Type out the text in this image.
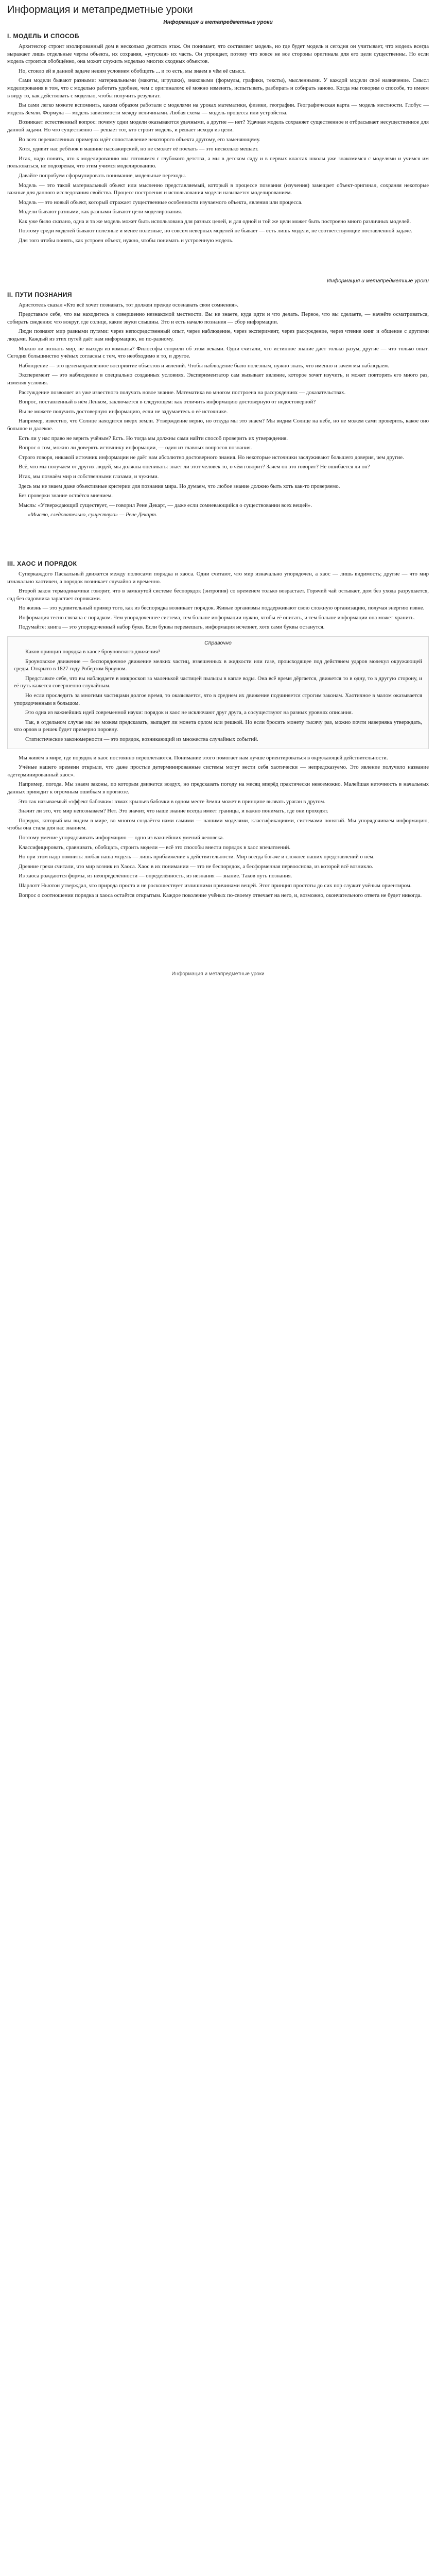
Информация и метапредметные уроки
Информация и метапредметные уроки
I. МОДЕЛЬ И СПОСОБ

Архитектор строит изолированный дом в несколько десятков этаж. Он понимает, что составляет модель, но где будет модель и сегодня он учитывает, что модель всегда выражает лишь отдельные черты объекта, их сохраняя, «упуская» их часть. Он упрощает, потому что вовсе не все стороны оригинала для его цели существенны. Но если модель строится обобщённо, она может служить моделью многих сходных объектов.

Но, стоило ей в данной задаче неким условием обобщить ... и то есть, мы знаем в чём её смысл.

Сами модели бывают разными: материальными (макеты, игрушки), знаковыми (формулы, графики, тексты), мысленными. У каждой модели своё назначение. Смысл моделирования в том, что с моделью работать удобнее, чем с оригиналом: её можно изменять, испытывать, разбирать и собирать заново. Когда мы говорим о способе, то имеем в виду то, как действовать с моделью, чтобы получить результат.

Вы сами легко можете вспомнить, каким образом работали с моделями на уроках математики, физики, географии. Географическая карта — модель местности. Глобус — модель Земли. Формула — модель зависимости между величинами. Любая схема — модель процесса или устройства.

Возникает естественный вопрос: почему одни модели оказываются удачными, а другие — нет? Удачная модель сохраняет существенное и отбрасывает несущественное для данной задачи. Но что существенно — решает тот, кто строит модель, и решает исходя из цели.

Во всех перечисленных примерах идёт сопоставление некоторого объекта другому, его заменяющему.

Хотя, удивит нас ребёнок в машине пассажирский, но не сможет её поехать — это несколько мешает.

Итак, надо понять, что к моделированию мы готовимся с глубокого детства, а мы в детском саду и в первых классах школы уже знакомимся с моделями и учимся им пользоваться, не подозревая, что этим учимся моделированию.

Давайте попробуем сформулировать понимание, модельные переходы.

Модель — это такой материальный объект или мысленно представляемый, который в процессе познания (изучения) замещает объект-оригинал, сохраняя некоторые важные для данного исследования свойства. Процесс построения и использования модели называется моделированием.

Модель — это новый объект, который отражает существенные особенности изучаемого объекта, явления или процесса.

Модели бывают разными, как разными бывают цели моделирования.

Как уже было сказано, одна и та же модель может быть использована для разных целей, и для одной и той же цели может быть построено много различных моделей.

Поэтому среди моделей бывают полезные и менее полезные, но совсем неверных моделей не бывает — есть лишь модели, не соответствующие поставленной задаче.

Для того чтобы понять, как устроен объект, нужно, чтобы понимать и устроенную модель.

Информация и метапредметные уроки
II. ПУТИ ПОЗНАНИЯ

Аристотель сказал «Кто всё хочет познавать, тот должен прежде осознавать свои сомнения».

Представьте себе, что вы находитесь в совершенно незнакомой местности. Вы не знаете, куда идти и что делать. Первое, что вы сделаете, — начнёте осматриваться, собирать сведения: что вокруг, где солнце, какие звуки слышны. Это и есть начало познания — сбор информации.

Люди познают мир разными путями: через непосредственный опыт, через наблюдение, через эксперимент, через рассуждение, через чтение книг и общение с другими людьми. Каждый из этих путей даёт нам информацию, но по-разному.

Можно ли познать мир, не выходя из комнаты? Философы спорили об этом веками. Одни считали, что истинное знание даёт только разум, другие — что только опыт. Сегодня большинство учёных согласны с тем, что необходимо и то, и другое.

Наблюдение — это целенаправленное восприятие объектов и явлений. Чтобы наблюдение было полезным, нужно знать, что именно и зачем мы наблюдаем.

Эксперимент — это наблюдение в специально созданных условиях. Экспериментатор сам вызывает явление, которое хочет изучить, и может повторять его много раз, изменяя условия.

Рассуждение позволяет из уже известного получать новое знание. Математика во многом построена на рассуждениях — доказательствах.

Вопрос, поставленный в нём Лёнком, заключается в следующем: как отличить информацию достоверную от недостоверной?

Вы не можете получить достоверную информацию, если не задумаетесь о её источнике.

Например, известно, что Солнце находится вверх земли. Утверждение верно, но откуда мы это знаем? Мы видим Солнце на небе, но не можем сами проверить, какое оно большое и далекое.

Есть ли у нас право не верить учёным? Есть. Но тогда мы должны сами найти способ проверить их утверждения.

Вопрос о том, можно ли доверять источнику информации, — один из главных вопросов познания.

Строго говоря, никакой источник информации не даёт нам абсолютно достоверного знания. Но некоторые источники заслуживают большего доверия, чем другие.

Всё, что мы получаем от других людей, мы должны оценивать: знает ли этот человек то, о чём говорит? Зачем он это говорит? Не ошибается ли он?

Итак, мы познаём мир и собственными глазами, и чужими.

Здесь мы не знаем даже объективные критерии для познания мира. Но думаем, что любое знание должно быть хоть как-то проверяемо.

Без проверки знание остаётся мнением.

Мысль: «Утверждающий существует, — говорил Рене Декарт, — даже если сомневающийся о существовании всех вещей».

«Мыслю, следовательно, существую» — Рене Декарт.
III. ХАОС И ПОРЯДОК

Суперкаждого Паскальный движется между полюсами порядка и хаоса. Одни считают, что мир изначально упорядочен, а хаос — лишь видимость; другие — что мир изначально хаотичен, а порядок возникает случайно и временно.

Второй закон термодинамики говорит, что в замкнутой системе беспорядок (энтропия) со временем только возрастает. Горячий чай остывает, дом без ухода разрушается, сад без садовника зарастает сорняками.

Но жизнь — это удивительный пример того, как из беспорядка возникает порядок. Живые организмы поддерживают свою сложную организацию, получая энергию извне.

Информация тесно связана с порядком. Чем упорядоченнее система, тем больше информации нужно, чтобы её описать, и тем больше информации она может хранить.

Подумайте: книга — это упорядоченный набор букв. Если буквы перемешать, информация исчезнет, хотя сами буквы останутся.

Справочно

Каков принцип порядка в хаосе броуновского движения?

Броуновское движение — беспорядочное движение мелких частиц, взвешенных в жидкости или газе, происходящее под действием ударов молекул окружающей среды. Открыто в 1827 году Робертом Броуном.

Представьте себе, что вы наблюдаете в микроскоп за маленькой частицей пыльцы в капле воды. Она всё время дёргается, движется то в одну, то в другую сторону, и её путь кажется совершенно случайным.

Но если проследить за многими частицами долгое время, то оказывается, что в среднем их движение подчиняется строгим законам. Хаотичное в малом оказывается упорядоченным в большом.

Это одна из важнейших идей современной науки: порядок и хаос не исключают друг друга, а сосуществуют на разных уровнях описания.

Так, в отдельном случае мы не можем предсказать, выпадет ли монета орлом или решкой. Но если бросить монету тысячу раз, можно почти наверняка утверждать, что орлов и решек будет примерно поровну.

Статистические закономерности — это порядок, возникающий из множества случайных событий.

Мы живём в мире, где порядок и хаос постоянно переплетаются. Понимание этого помогает нам лучше ориентироваться в окружающей действительности.

Учёные нашего времени открыли, что даже простые детерминированные системы могут вести себя хаотически — непредсказуемо. Это явление получило название «детерминированный хаос».

Например, погода. Мы знаем законы, по которым движется воздух, но предсказать погоду на месяц вперёд практически невозможно. Малейшая неточность в начальных данных приводит к огромным ошибкам в прогнозе.

Это так называемый «эффект бабочки»: взмах крыльев бабочки в одном месте Земли может в принципе вызвать ураган в другом.

Значит ли это, что мир непознаваем? Нет. Это значит, что наше знание всегда имеет границы, и важно понимать, где они проходят.

Порядок, который мы видим в мире, во многом создаётся нами самими — нашими моделями, классификациями, системами понятий. Мы упорядочиваем информацию, чтобы она стала для нас знанием.

Поэтому умение упорядочивать информацию — одно из важнейших умений человека.

Классифицировать, сравнивать, обобщать, строить модели — всё это способы внести порядок в хаос впечатлений.

Но при этом надо помнить: любая наша модель — лишь приближение к действительности. Мир всегда богаче и сложнее наших представлений о нём.

Древние греки считали, что мир возник из Хаоса. Хаос в их понимании — это не беспорядок, а бесформенная первооснова, из которой всё возникло.

Из хаоса рождаются формы, из неопределённости — определённость, из незнания — знание. Таков путь познания.

Шарлотт Ньютон утверждал, что природа проста и не роскошествует излишними причинами вещей. Этот принцип простоты до сих пор служит учёным ориентиром.

Вопрос о соотношении порядка и хаоса остаётся открытым. Каждое поколение учёных по-своему отвечает на него, и, возможно, окончательного ответа не будет никогда.

Информация и метапредметные уроки
